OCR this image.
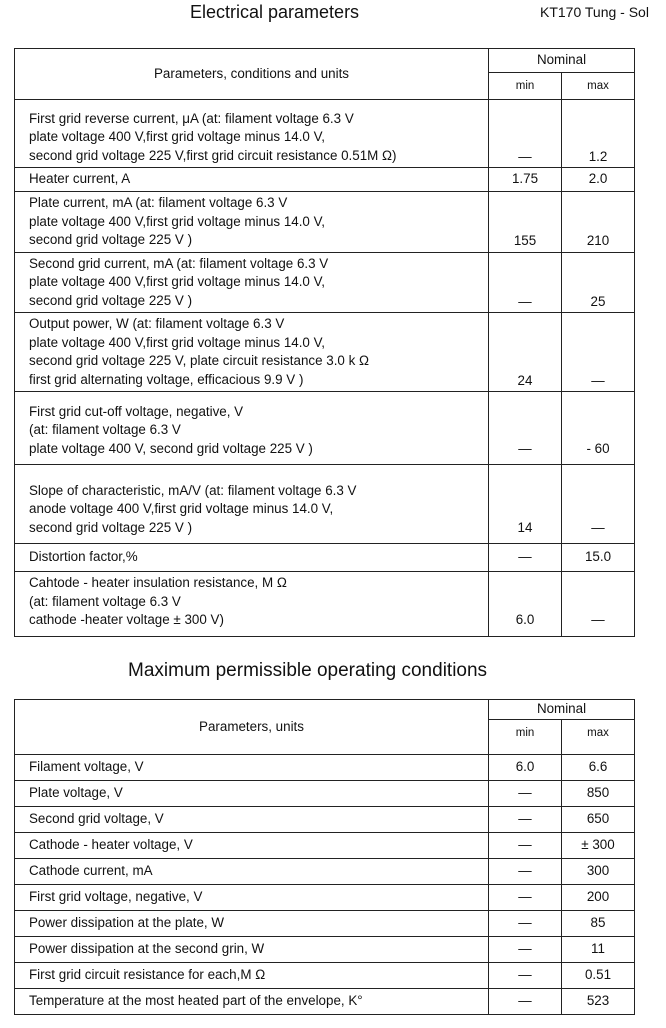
Electrical parameters	KT170 Tung - Sol
Parameters, conditions and units	Nominal	
	min	max
First grid reverse current, μA (at: filament voltage 6.3 V
plate voltage 400 V,first grid voltage minus 14.0 V,
second grid voltage 225 V,first grid circuit resistance 0.51M Ω)	—	1.2
Heater current, A	1.75	2.0
Plate current, mA (at: filament voltage 6.3 V
plate voltage 400 V,first grid voltage minus 14.0 V,
second grid voltage 225 V )	155	210
Second grid current, mA (at: filament voltage 6.3 V
plate voltage 400 V,first grid voltage minus 14.0 V,
second grid voltage 225 V )	—	25
Output power, W (at: filament voltage 6.3 V
plate voltage 400 V,first grid voltage minus 14.0 V,
second grid voltage 225 V, plate circuit resistance 3.0 k Ω
first grid alternating voltage, efficacious 9.9 V )	24	—
First grid cut-off voltage, negative, V
(at: filament voltage 6.3 V
plate voltage 400 V, second grid voltage 225 V )	—	- 60
Slope of characteristic, mA/V (at: filament voltage 6.3 V
anode voltage 400 V,first grid voltage minus 14.0 V,
second grid voltage 225 V )	14	—
Distortion factor,%	—	15.0
Cahtode - heater insulation resistance, M Ω
(at: filament voltage 6.3 V
cathode -heater voltage ± 300 V)	6.0	—
Maximum permissible operating conditions
Parameters, units	Nominal	
	min	max
Filament voltage, V	6.0	6.6
Plate voltage, V	—	850
Second grid voltage, V	—	650
Cathode - heater voltage, V	—	± 300
Cathode current, mA	—	300
First grid voltage, negative, V	—	200
Power dissipation at the plate, W	—	85
Power dissipation at the second grin, W	—	11
First grid circuit resistance for each,M Ω	—	0.51
Temperature at the most heated part of the envelope, K°	—	523
